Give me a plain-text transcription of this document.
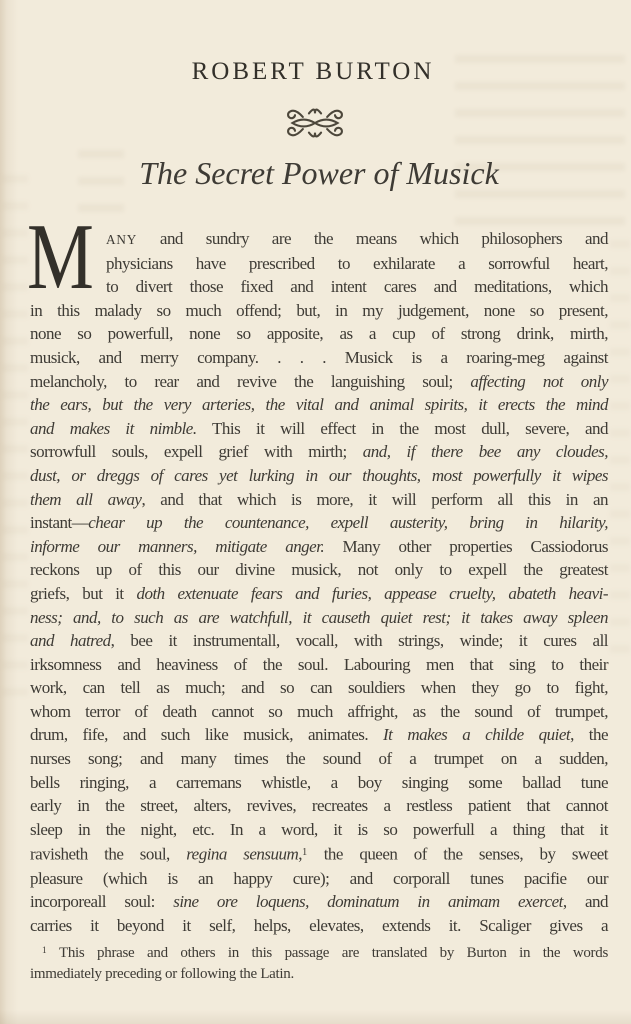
ROBERT BURTON
The Secret Power of Musick
M ANY and sundry are the means which philosophers and
physicians have prescribed to exhilarate a sorrowful heart,
to divert those fixed and intent cares and meditations, which
in this malady so much offend; but, in my judgement, none so present,
none so powerfull, none so apposite, as a cup of strong drink, mirth,
musick, and merry company. . . . Musick is a roaring-meg against
melancholy, to rear and revive the languishing soul; affecting not only
the ears, but the very arteries, the vital and animal spirits, it erects the mind
and makes it nimble. This it will effect in the most dull, severe, and
sorrowfull souls, expell grief with mirth; and, if there bee any cloudes,
dust, or dreggs of cares yet lurking in our thoughts, most powerfully it wipes
them all away, and that which is more, it will perform all this in an
instant—chear up the countenance, expell austerity, bring in hilarity,
informe our manners, mitigate anger. Many other properties Cassiodorus
reckons up of this our divine musick, not only to expell the greatest
griefs, but it doth extenuate fears and furies, appease cruelty, abateth heavi-
ness; and, to such as are watchfull, it causeth quiet rest; it takes away spleen
and hatred, bee it instrumentall, vocall, with strings, winde; it cures all
irksomness and heaviness of the soul. Labouring men that sing to their
work, can tell as much; and so can souldiers when they go to fight,
whom terror of death cannot so much affright, as the sound of trumpet,
drum, fife, and such like musick, animates. It makes a childe quiet, the
nurses song; and many times the sound of a trumpet on a sudden,
bells ringing, a carremans whistle, a boy singing some ballad tune
early in the street, alters, revives, recreates a restless patient that cannot
sleep in the night, etc. In a word, it is so powerfull a thing that it
ravisheth the soul, regina sensuum,$^1$ the queen of the senses, by sweet
pleasure (which is an happy cure); and corporall tunes pacifie our
incorporeall soul: sine ore loquens, dominatum in animam exercet, and
carries it beyond it self, helps, elevates, extends it. Scaliger gives a
$^1$ This phrase and others in this passage are translated by Burton in the words
immediately preceding or following the Latin.
